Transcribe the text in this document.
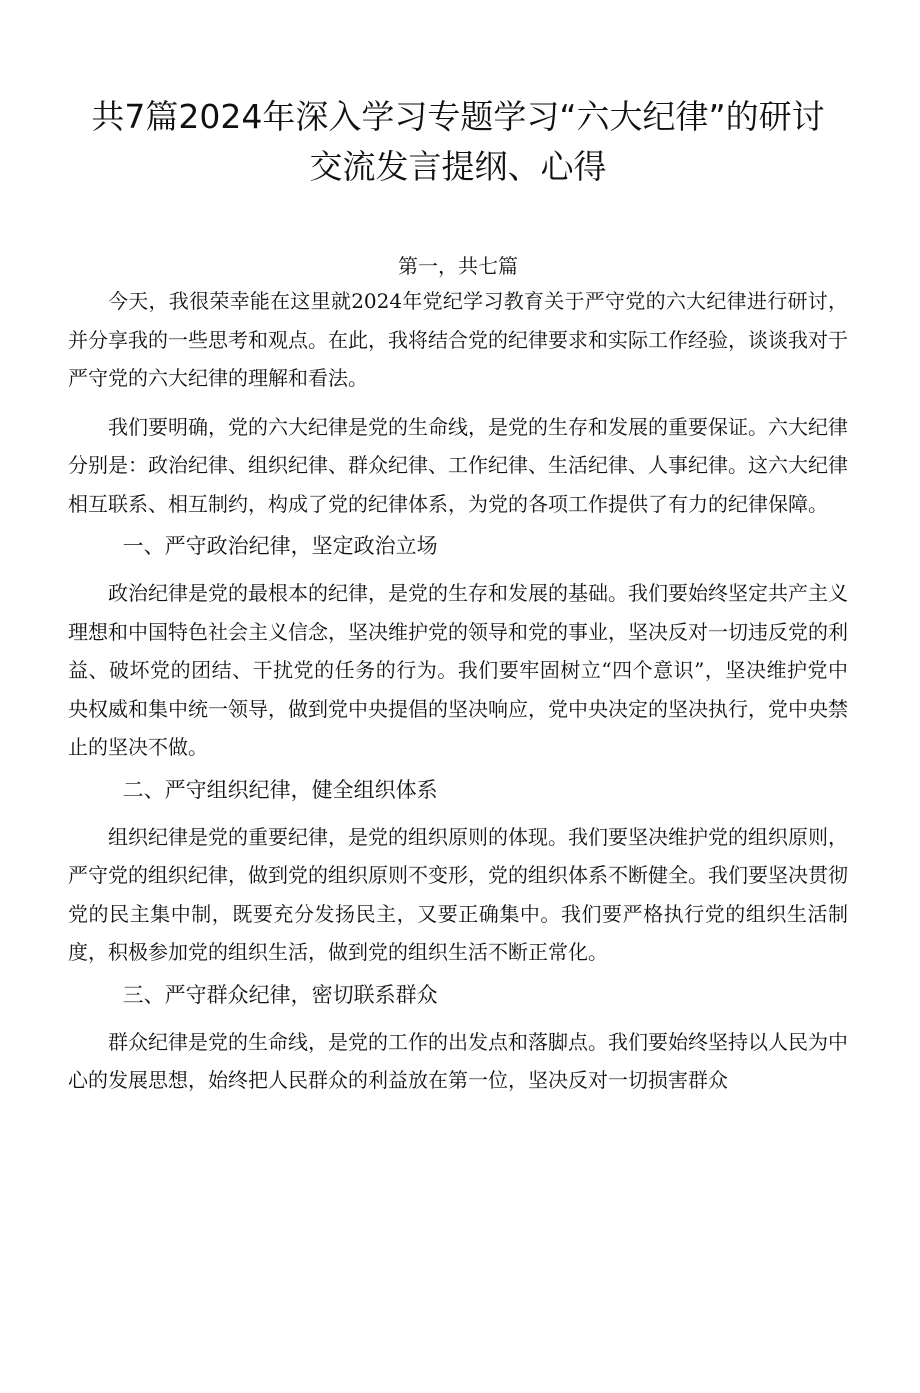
共7篇2024年深入学习专题学习“六大纪律”的研讨交流发言提纲、心得
第一，共七篇

今天，我很荣幸能在这里就2024年党纪学习教育关于严守党的六大纪律进行研讨，并分享我的一些思考和观点。在此，我将结合党的纪律要求和实际工作经验，谈谈我对于严守党的六大纪律的理解和看法。

我们要明确，党的六大纪律是党的生命线，是党的生存和发展的重要保证。六大纪律分别是：政治纪律、组织纪律、群众纪律、工作纪律、生活纪律、人事纪律。这六大纪律相互联系、相互制约，构成了党的纪律体系，为党的各项工作提供了有力的纪律保障。

一、严守政治纪律，坚定政治立场

政治纪律是党的最根本的纪律，是党的生存和发展的基础。我们要始终坚定共产主义理想和中国特色社会主义信念，坚决维护党的领导和党的事业，坚决反对一切违反党的利益、破坏党的团结、干扰党的任务的行为。我们要牢固树立“四个意识”，坚决维护党中央权威和集中统一领导，做到党中央提倡的坚决响应，党中央决定的坚决执行，党中央禁止的坚决不做。

二、严守组织纪律，健全组织体系

组织纪律是党的重要纪律，是党的组织原则的体现。我们要坚决维护党的组织原则，严守党的组织纪律，做到党的组织原则不变形，党的组织体系不断健全。我们要坚决贯彻党的民主集中制，既要充分发扬民主，又要正确集中。我们要严格执行党的组织生活制度，积极参加党的组织生活，做到党的组织生活不断正常化。

三、严守群众纪律，密切联系群众

群众纪律是党的生命线，是党的工作的出发点和落脚点。我们要始终坚持以人民为中心的发展思想，始终把人民群众的利益放在第一位，坚决反对一切损害群众
